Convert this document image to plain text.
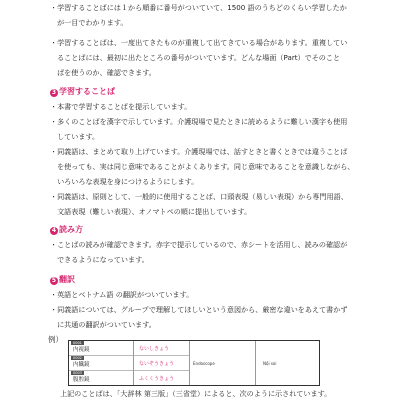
・学習することばには１から順番に番号がついていて、1500 語のうちどのくらい学習したか
　が一目でわかります。
・学習することばは、一度出てきたものが重複して出てきている場合があります。重複してい
　ることばには、最初に出たところの番号がついています。どんな場面（Part）でそのこと
　ばを使うのか、確認できます。
3 学習することば
・本書で学習することばを提示しています。
・多くのことばを漢字で示しています。介護現場で見たときに読めるように難しい漢字も使用
　しています。
・同義語は、まとめて取り上げています。介護現場では、話すときと書くときでは違うことば
　を使っても、実は同じ意味であることがよくあります。同じ意味であることを意識しながら、
　いろいろな表現を身につけるようにします。
・同義語は、原則として、一般的に使用することば、口頭表現（易しい表現）から専門用語、
　文語表現（難しい表現）、オノマトペの順に提出しています。
4 読み方
・ことばの読みが確認できます。赤字で提示しているので、赤シートを活用し、読みの確認が
　できるようになっています。
5 翻訳
・英語とベトナム語 の翻訳がついています。
・同義語については、グループで理解してほしいという意図から、厳密な違いをあえて書かず
　に共通の翻訳がついています。
例）	0001
内視鏡	ないしきょう
0002
内臓鏡	ないぞうきょう
0003
腹腔鏡	ふくくうきょう
Endoscope	Nội soi
上記のことばは、「大辞林 第三版」（三省堂）によると、次のように示されています。
